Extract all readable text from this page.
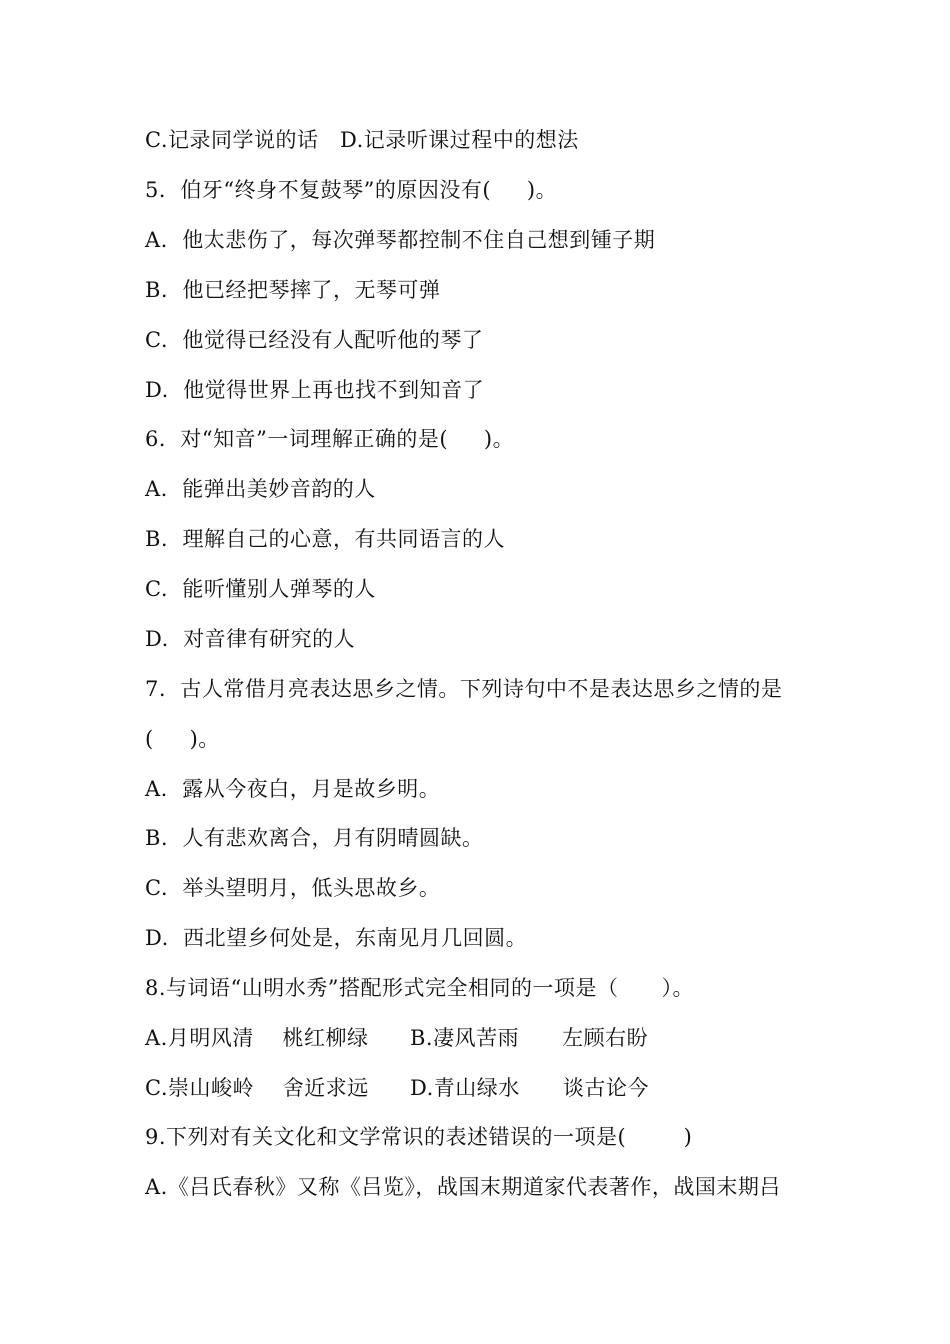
C.记录同学说的话   D.记录听课过程中的想法
5．伯牙“终身不复鼓琴”的原因没有(     )。
A.  他太悲伤了，每次弹琴都控制不住自己想到锺子期
B.  他已经把琴摔了，无琴可弹
C.  他觉得已经没有人配听他的琴了
D.  他觉得世界上再也找不到知音了
6．对“知音”一词理解正确的是(     )。
A.  能弹出美妙音韵的人
B.  理解自己的心意，有共同语言的人
C.  能听懂别人弹琴的人
D.  对音律有研究的人
7.  古人常借月亮表达思乡之情。下列诗句中不是表达思乡之情的是
(     )。
A.  露从今夜白，月是故乡明。
B.  人有悲欢离合，月有阴晴圆缺。
C.  举头望明月，低头思故乡。
D.  西北望乡何处是，东南见月几回圆。
8.与词语“山明水秀”搭配形式完全相同的一项是（      ）。

A.月明风清    桃红柳绿

B.凄风苦雨      左顾右盼

C.崇山峻岭    舍近求远

D.青山绿水      谈古论今

9.下列对有关文化和文学常识的表述错误的一项是(        )
A.《吕氏春秋》又称《吕览》，战国末期道家代表著作，战国末期吕
